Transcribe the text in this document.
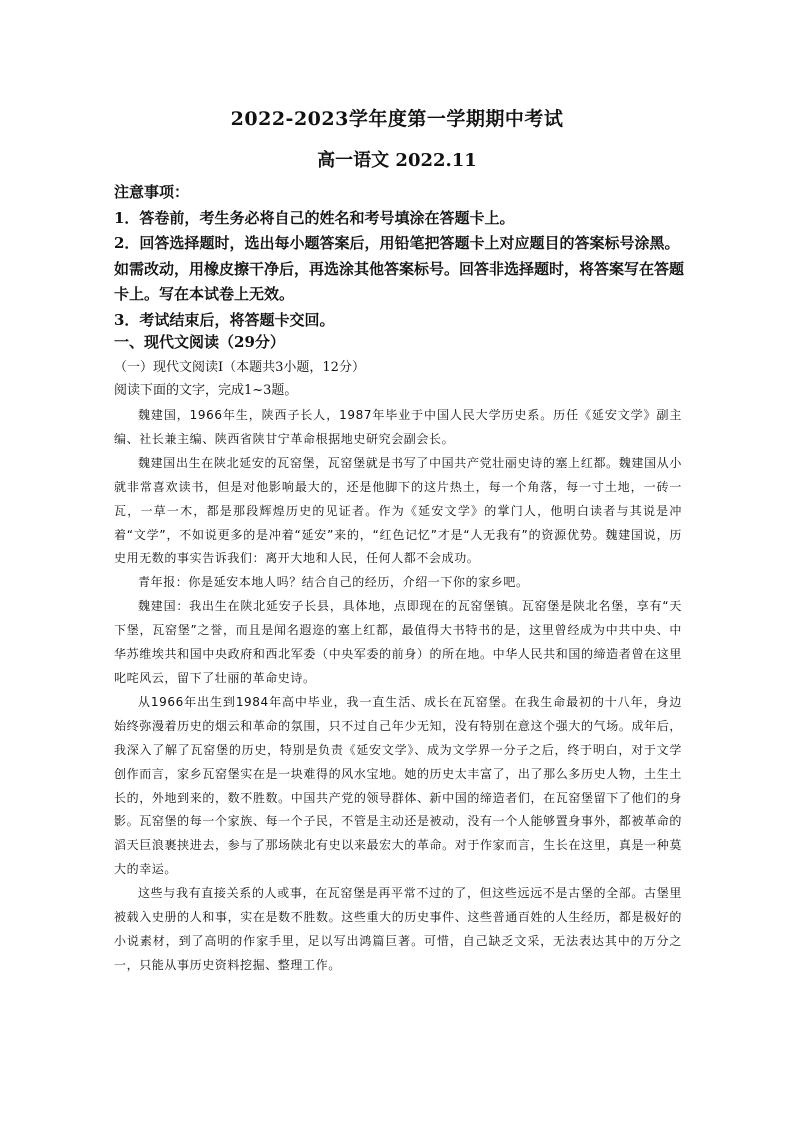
2022-2023学年度第一学期期中考试
高一语文 2022.11

注意事项：

1．答卷前，考生务必将自己的姓名和考号填涂在答题卡上。

2．回答选择题时，选出每小题答案后，用铅笔把答题卡上对应题目的答案标号涂黑。如需改动，用橡皮擦干净后，再选涂其他答案标号。回答非选择题时，将答案写在答题卡上。写在本试卷上无效。

3．考试结束后，将答题卡交回。

一、现代文阅读（29分）
（一）现代文阅读Ⅰ（本题共3小题，12分）
阅读下面的文字，完成1~3题。

魏建国，1966年生，陕西子长人，1987年毕业于中国人民大学历史系。历任《延安文学》副主编、社长兼主编、陕西省陕甘宁革命根据地史研究会副会长。

魏建国出生在陕北延安的瓦窑堡，瓦窑堡就是书写了中国共产党壮丽史诗的塞上红都。魏建国从小就非常喜欢读书，但是对他影响最大的，还是他脚下的这片热土，每一个角落，每一寸土地，一砖一瓦，一草一木，都是那段辉煌历史的见证者。作为《延安文学》的掌门人，他明白读者与其说是冲着“文学”，不如说更多的是冲着“延安”来的，“红色记忆”才是“人无我有”的资源优势。魏建国说，历史用无数的事实告诉我们：离开大地和人民，任何人都不会成功。

青年报：你是延安本地人吗？结合自己的经历，介绍一下你的家乡吧。

魏建国：我出生在陕北延安子长县，具体地，点即现在的瓦窑堡镇。瓦窑堡是陕北名堡，享有“天下堡，瓦窑堡”之誉，而且是闻名遐迩的塞上红都，最值得大书特书的是，这里曾经成为中共中央、中华苏维埃共和国中央政府和西北军委（中央军委的前身）的所在地。中华人民共和国的缔造者曾在这里叱咤风云，留下了壮丽的革命史诗。

从1966年出生到1984年高中毕业，我一直生活、成长在瓦窑堡。在我生命最初的十八年，身边始终弥漫着历史的烟云和革命的氛围，只不过自己年少无知，没有特别在意这个强大的气场。成年后，我深入了解了瓦窑堡的历史，特别是负责《延安文学》、成为文学界一分子之后，终于明白，对于文学创作而言，家乡瓦窑堡实在是一块难得的风水宝地。她的历史太丰富了，出了那么多历史人物，土生土长的，外地到来的，数不胜数。中国共产党的领导群体、新中国的缔造者们，在瓦窑堡留下了他们的身影。瓦窑堡的每一个家族、每一个子民，不管是主动还是被动，没有一个人能够置身事外，都被革命的滔天巨浪裹挟进去，参与了那场陕北有史以来最宏大的革命。对于作家而言，生长在这里，真是一种莫大的幸运。

这些与我有直接关系的人或事，在瓦窑堡是再平常不过的了，但这些远远不是古堡的全部。古堡里被载入史册的人和事，实在是数不胜数。这些重大的历史事件、这些普通百姓的人生经历，都是极好的小说素材，到了高明的作家手里，足以写出鸿篇巨著。可惜，自己缺乏文采，无法表达其中的万分之一，只能从事历史资料挖掘、整理工作。
